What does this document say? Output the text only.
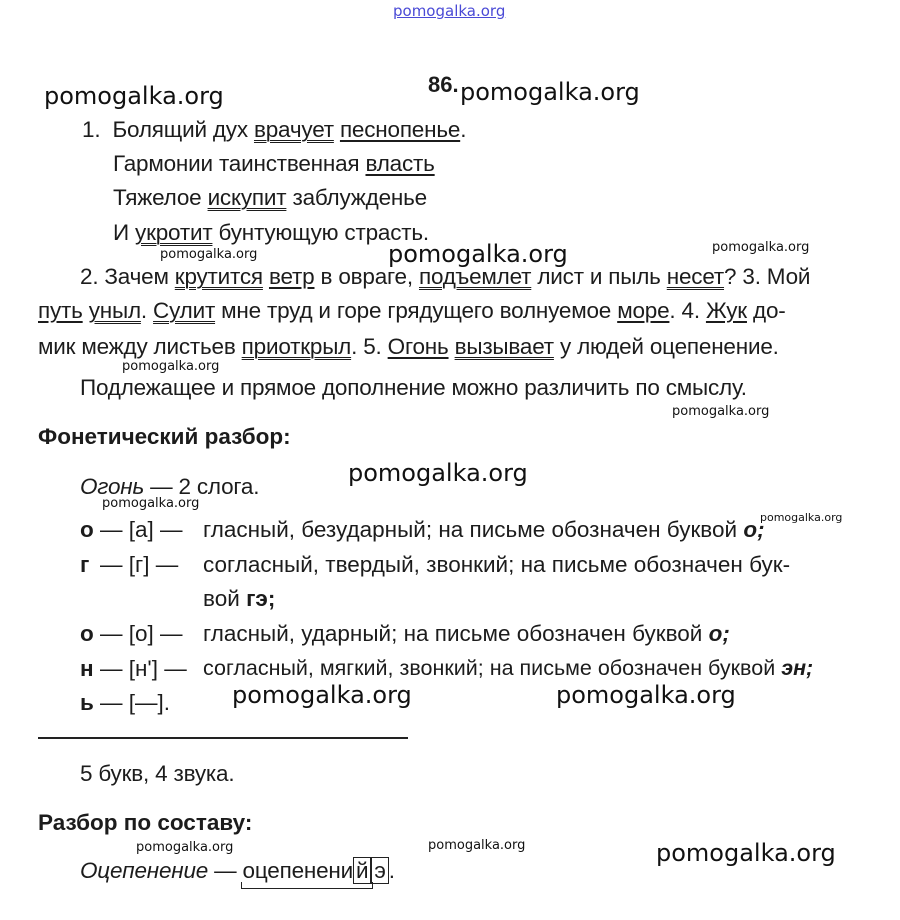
pomogalka.org
pomogalka.org	pomogalka.org
pomogalka.org
pomogalka.org	pomogalka.org
pomogalka.org
pomogalka.org
pomogalka.org
pomogalka.org
pomogalka.org
pomogalka.org	pomogalka.org
pomogalka.org	pomogalka.org	pomogalka.org
86.
1. Болящий дух врачует песнопенье.
Гармонии таинственная власть
Тяжелое искупит заблужденье
И укротит бунтующую страсть.
2. Зачем крутится ветр в овраге, подъемлет лист и пыль несет? 3. Мой
путь уныл. Сулит мне труд и горе грядущего волнуемое море. 4. Жук до-
мик между листьев приоткрыл. 5. Огонь вызывает у людей оцепенение.
Подлежащее и прямое дополнение можно различить по смыслу.
Фонетический разбор:
Огонь — 2 слога.
о — [а] — гласный, безударный; на письме обозначен буквой о;
г — [г] — согласный, твердый, звонкий; на письме обозначен бук-
вой гэ;
о — [о] — гласный, ударный; на письме обозначен буквой о;
н — [н'] — согласный, мягкий, звонкий; на письме обозначен буквой эн;
ь — [—].
5 букв, 4 звука.
Разбор по составу:
Оцепенение — оцепенени й э .
